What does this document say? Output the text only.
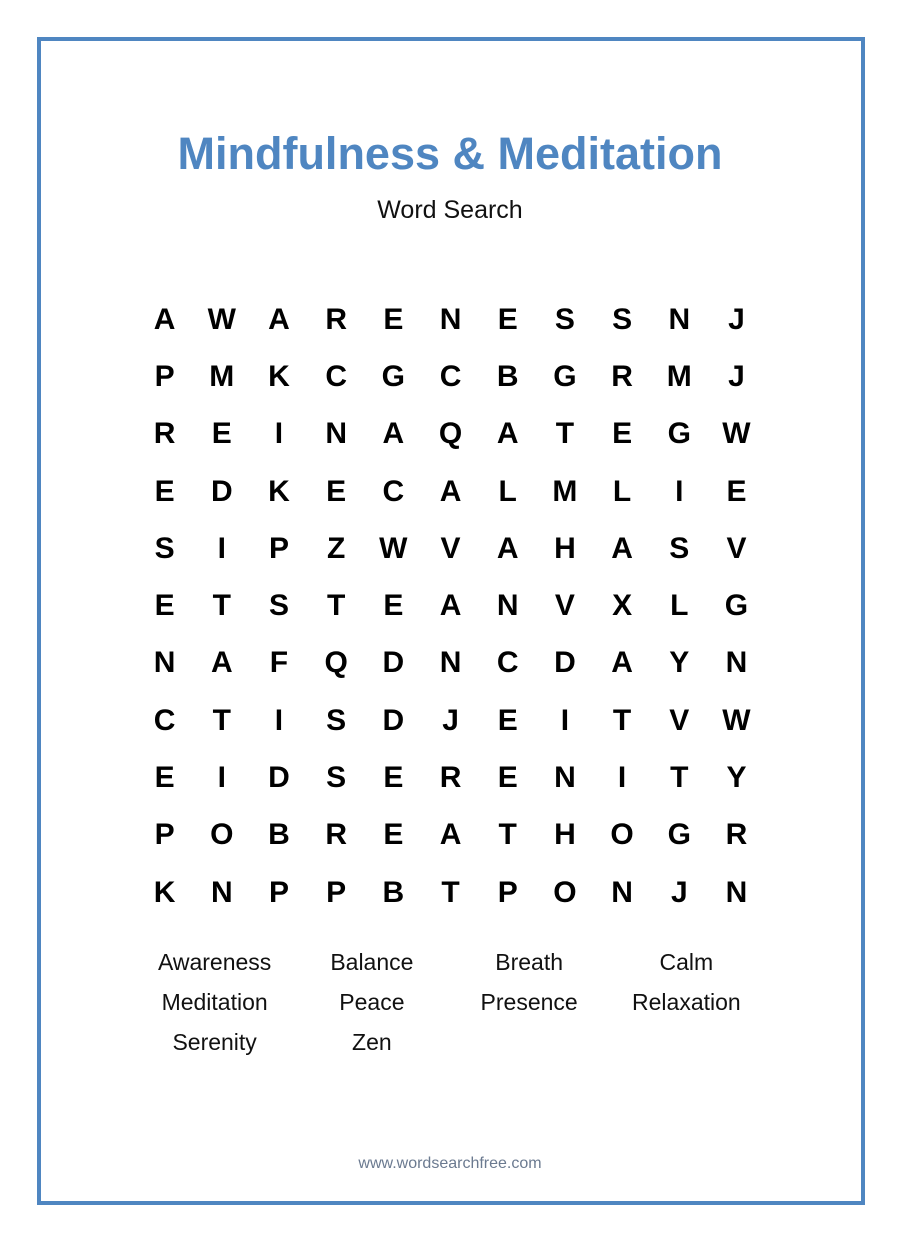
Mindfulness & Meditation
Word Search
A	W	A	R	E	N	E	S	S	N	J
P	M	K	C	G	C	B	G	R	M	J
R	E	I	N	A	Q	A	T	E	G	W
E	D	K	E	C	A	L	M	L	I	E
S	I	P	Z	W	V	A	H	A	S	V
E	T	S	T	E	A	N	V	X	L	G
N	A	F	Q	D	N	C	D	A	Y	N
C	T	I	S	D	J	E	I	T	V	W
E	I	D	S	E	R	E	N	I	T	Y
P	O	B	R	E	A	T	H	O	G	R
K	N	P	P	B	T	P	O	N	J	N
Awareness	Balance	Breath	Calm
Meditation	Peace	Presence	Relaxation
Serenity	Zen
www.wordsearchfree.com
